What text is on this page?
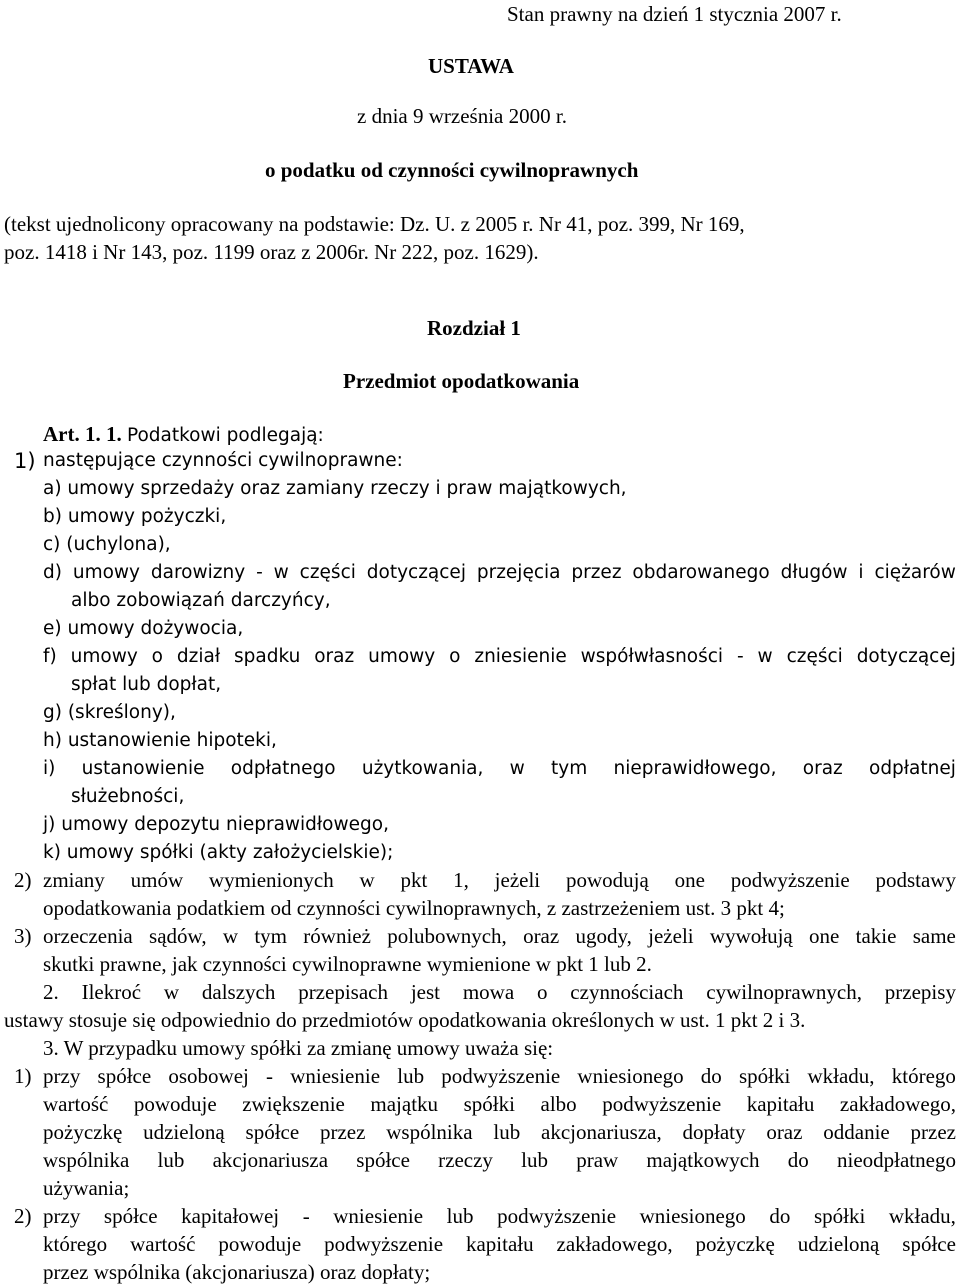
Stan prawny na dzień 1 stycznia 2007 r.
USTAWA
z dnia 9 września 2000 r.
o podatku od czynności cywilnoprawnych
(tekst ujednolicony opracowany na podstawie: Dz. U. z 2005 r. Nr 41, poz. 399, Nr 169,
poz. 1418 i Nr 143, poz. 1199 oraz z 2006r. Nr 222, poz. 1629).
Rozdział 1
Przedmiot opodatkowania
Art. 1. 1. Podatkowi podlegają:
1) następujące czynności cywilnoprawne:
a) umowy sprzedaży oraz zamiany rzeczy i praw majątkowych,
b) umowy pożyczki,
c) (uchylona),
d) umowy darowizny - w części dotyczącej przejęcia przez obdarowanego długów i ciężarów
albo zobowiązań darczyńcy,
e) umowy dożywocia,
f) umowy o dział spadku oraz umowy o zniesienie współwłasności - w części dotyczącej
spłat lub dopłat,
g) (skreślony),
h) ustanowienie hipoteki,
i) ustanowienie odpłatnego użytkowania, w tym nieprawidłowego, oraz odpłatnej
służebności,
j) umowy depozytu nieprawidłowego,
k) umowy spółki (akty założycielskie);
2) zmiany umów wymienionych w pkt 1, jeżeli powodują one podwyższenie podstawy
opodatkowania podatkiem od czynności cywilnoprawnych, z zastrzeżeniem ust. 3 pkt 4;
3) orzeczenia sądów, w tym również polubownych, oraz ugody, jeżeli wywołują one takie same
skutki prawne, jak czynności cywilnoprawne wymienione w pkt 1 lub 2.
2. Ilekroć w dalszych przepisach jest mowa o czynnościach cywilnoprawnych, przepisy
ustawy stosuje się odpowiednio do przedmiotów opodatkowania określonych w ust. 1 pkt 2 i 3.
3. W przypadku umowy spółki za zmianę umowy uważa się:
1) przy spółce osobowej - wniesienie lub podwyższenie wniesionego do spółki wkładu, którego
wartość powoduje zwiększenie majątku spółki albo podwyższenie kapitału zakładowego,
pożyczkę udzieloną spółce przez wspólnika lub akcjonariusza, dopłaty oraz oddanie przez
wspólnika lub akcjonariusza spółce rzeczy lub praw majątkowych do nieodpłatnego
używania;
2) przy spółce kapitałowej - wniesienie lub podwyższenie wniesionego do spółki wkładu,
którego wartość powoduje podwyższenie kapitału zakładowego, pożyczkę udzieloną spółce
przez wspólnika (akcjonariusza) oraz dopłaty;
